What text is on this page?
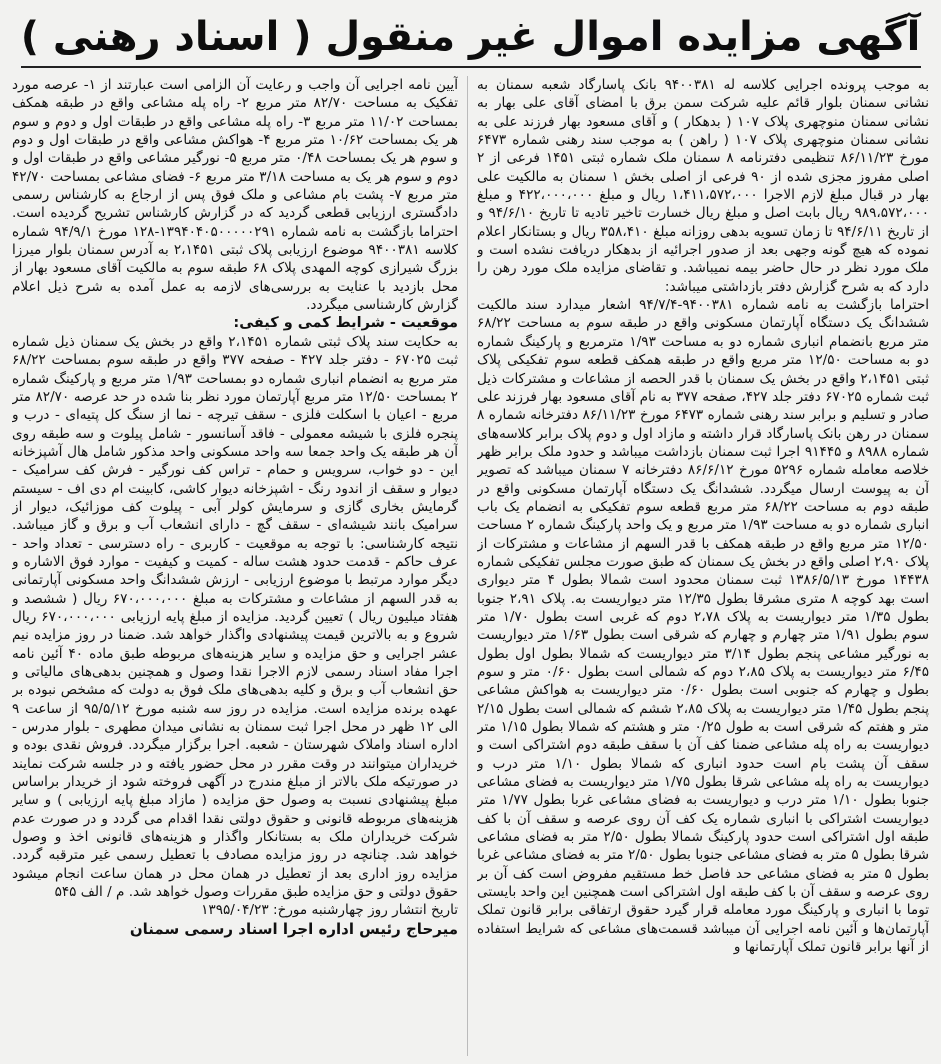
آگهی مزایده اموال غیر منقول ( اسناد رهنی )

به موجب پرونده اجرایی کلاسه له ۹۴۰۰۳۸۱ بانک پاسارگاد شعبه سمنان به نشانی سمنان بلوار قائم علیه شرکت سمن برق با امضای آقای علی بهار به نشانی سمنان منوچهری پلاک ۱۰۷ ( بدهکار ) و آقای مسعود بهار فرزند علی به نشانی سمنان منوچهری پلاک ۱۰۷ ( راهن ) به موجب سند رهنی شماره ۶۴۷۳ مورخ ۸۶/۱۱/۲۳ تنظیمی دفترنامه ۸ سمنان ملک شماره ثبتی ۱۴۵۱ فرعی از ۲ اصلی مفروز مجزی شده از ۹۰ فرعی از اصلی بخش ۱ سمنان به مالکیت علی بهار در قبال مبلغ لازم الاجرا ۱،۴۱۱،۵۷۲،۰۰۰ ریال و مبلغ ۴۲۲،۰۰۰،۰۰۰ و مبلغ ۹۸۹،۵۷۲،۰۰۰ ریال بابت اصل و مبلغ ریال خسارت تاخیر تادیه تا تاریخ ۹۴/۶/۱۰ و از تاریخ ۹۴/۶/۱۱ تا زمان تسویه بدهی روزانه مبلغ ۳۵۸،۴۱۰ ریال و بستانکار اعلام نموده که هیچ گونه وجهی بعد از صدور اجرائیه از بدهکار دریافت نشده است و ملک مورد نظر در حال حاضر بیمه نمیباشد. و تقاضای مزایده ملک مورد رهن را دارد که به شرح گزارش دفتر بازداشتی میباشد:

احتراما بازگشت به نامه شماره ۹۴۰۰۳۸۱-۹۴/۷/۴ اشعار میدارد سند مالکیت ششدانگ یک دستگاه آپارتمان مسکونی واقع در طبقه سوم به مساحت ۶۸/۲۲ متر مربع بانضمام انباری شماره دو به مساحت ۱/۹۳ مترمربع و پارکینگ شماره دو به مساحت ۱۲/۵۰ متر مربع واقع در طبقه همکف قطعه سوم تفکیکی پلاک ثبتی ۲،۱۴۵۱ واقع در بخش یک سمنان با قدر الحصه از مشاعات و مشترکات ذیل ثبت شماره ۶۷۰۲۵ دفتر جلد ۴۲۷، صفحه ۳۷۷ به نام آقای مسعود بهار فرزند علی صادر و تسلیم و برابر سند رهنی شماره ۶۴۷۳ مورخ ۸۶/۱۱/۲۳ دفترخانه شماره ۸ سمنان در رهن بانک پاسارگاد قرار داشته و مازاد اول و دوم پلاک برابر کلاسه‌های شماره ۸۹۸۸ و ۹۱۴۴۵ اجرا ثبت سمنان بازداشت میباشد و حدود ملک برابر ظهر خلاصه معامله شماره ۵۲۹۶ مورخ ۸۶/۶/۱۲ دفترخانه ۷ سمنان میباشد که تصویر آن به پیوست ارسال میگردد. ششدانگ یک دستگاه آپارتمان مسکونی واقع در طبقه دوم به مساحت ۶۸/۲۲ متر مربع قطعه سوم تفکیکی به انضمام یک باب انباری شماره دو به مساحت ۱/۹۳ متر مربع و یک واحد پارکینگ شماره ۲ مساحت ۱۲/۵۰ متر مربع واقع در طبقه همکف با قدر السهم از مشاعات و مشترکات از پلاک ۲،۹۰ اصلی واقع در بخش یک سمنان که طبق صورت مجلس تفکیکی شماره ۱۴۴۳۸ مورخ ۱۳۸۶/۵/۱۳ ثبت سمنان محدود است شمالا بطول ۴ متر دیواری است بهد کوچه ۸ متری مشرقا بطول ۱۲/۳۵ متر دیواریست به. پلاک ۲،۹۱ جنوبا بطول ۱/۳۵ متر دیواریست به پلاک ۲،۷۸ دوم که غربی است بطول ۱/۷۰ متر سوم بطول ۱/۹۱ متر چهارم و چهارم که شرقی است بطول ۱/۶۳ متر دیواریست به نورگیر مشاعی پنجم بطول ۳/۱۴ متر دیواریست که شمالا بطول اول بطول ۶/۴۵ متر دیواریست به پلاک ۲،۸۵ دوم که شمالی است بطول ۰/۶۰ متر و سوم بطول و چهارم که جنوبی است بطول ۰/۶۰ متر دیواریست به هواکش مشاعی پنجم بطول ۱/۴۵ متر دیواریست به پلاک ۲،۸۵ ششم که شمالی است بطول ۲/۱۵ متر و هفتم که شرقی است به طول ۰/۲۵ متر و هشتم که شمالا بطول ۱/۱۵ متر دیواریست به راه پله مشاعی ضمنا کف آن با سقف طبقه دوم اشتراکی است و سقف آن پشت بام است حدود انباری که شمالا بطول ۱/۱۰ متر درب و دیواریست به راه پله مشاعی شرقا بطول ۱/۷۵ متر دیواریست به فضای مشاعی جنوبا بطول ۱/۱۰ متر درب و دیواریست به فضای مشاعی غربا بطول ۱/۷۷ متر دیواریست اشتراکی با انباری شماره یک کف آن روی عرصه و سقف آن با کف طبقه اول اشتراکی است حدود پارکینگ شمالا بطول ۲/۵۰ متر به فضای مشاعی شرقا بطول ۵ متر به فضای مشاعی جنوبا بطول ۲/۵۰ متر به فضای مشاعی غربا بطول ۵ متر به فضای مشاعی حد فاصل خط مستقیم مفروض است کف آن بر روی عرصه و سقف آن با کف طبقه اول اشتراکی است همچنین این واحد بایستی توما با انباری و پارکینگ مورد معامله قرار گیرد حقوق ارتفاقی برابر قانون تملک آپارتمان‌ها و آئین نامه اجرایی آن میباشد قسمت‌های مشاعی که شرایط استفاده از آنها برابر قانون تملک آپارتمانها و

آیین نامه اجرایی آن واجب و رعایت آن الزامی است عبارتند از ۱- عرصه مورد تفکیک به مساحت ۸۲/۷۰ متر مربع ۲- راه پله مشاعی واقع در طبقه همکف بمساحت ۱۱/۰۲ متر مربع ۳- راه پله مشاعی واقع در طبقات اول و دوم و سوم هر یک بمساحت ۱۰/۶۲ متر مربع ۴- هواکش مشاعی واقع در طبقات اول و دوم و سوم هر یک بمساحت ۰/۴۸ متر مربع ۵- نورگیر مشاعی واقع در طبقات اول و دوم و سوم هر یک به مساحت ۳/۱۸ متر مربع ۶- فضای مشاعی بمساحت ۴۲/۷۰ متر مربع ۷- پشت بام مشاعی و ملک فوق پس از ارجاع به کارشناس رسمی دادگستری ارزیابی قطعی گردید که در گزارش کارشناس تشریح گردیده است. احتراما بازگشت به نامه شماره ۱۳۹۴۰۴۰۵۰۰۰۰۰۲۹۱-۱۲۸ مورخ ۹۴/۹/۱ شماره کلاسه ۹۴۰۰۳۸۱ موضوع ارزیابی پلاک ثبتی ۲،۱۴۵۱ به آدرس سمنان بلوار میرزا بزرگ شیرازی کوچه المهدی پلاک ۶۸ طبقه سوم به مالکیت آقای مسعود بهار از محل بازدید با عنایت به بررسی‌های لازمه به عمل آمده به شرح ذیل اعلام گزارش کارشناسی میگردد.

موقعیت - شرایط کمی و کیفی:

به حکایت سند پلاک ثبتی شماره ۲،۱۴۵۱ واقع در بخش یک سمنان ذیل شماره ثبت ۶۷۰۲۵ - دفتر جلد ۴۲۷ - صفحه ۳۷۷ واقع در طبقه سوم بمساحت ۶۸/۲۲ متر مربع به انضمام انباری شماره دو بمساحت ۱/۹۳ متر مربع و پارکینگ شماره ۲ بمساحت ۱۲/۵۰ متر مربع آپارتمان مورد نظر بنا شده در حد عرصه ۸۲/۷۰ متر مربع - اعیان با اسکلت فلزی - سقف تیرچه - نما از سنگ کل پتیه‌ای - درب و پنجره فلزی با شیشه معمولی - فاقد آسانسور - شامل پیلوت و سه طبقه روی آن هر طبقه یک واحد جمعا سه واحد مسکونی واحد مذکور شامل هال آشپزخانه این - دو خواب، سرویس و حمام - تراس کف نورگیر - فرش کف سرامیک - دیوار و سقف از اندود رنگ - اشپزخانه دیوار کاشی، کابینت ام دی اف - سیستم گرمایش بخاری گازی و سرمایش کولر آبی - پیلوت کف موزائیک، دیوار از سرامیک بانند شیشه‌ای - سقف گچ - دارای انشعاب آب و برق و گاز میباشد. نتیجه کارشناسی: با توجه به موقعیت - کاربری - راه دسترسی - تعداد واحد - عرف حاکم - قدمت حدود هشت ساله - کمیت و کیفیت - موارد فوق الاشاره و دیگر موارد مرتبط با موضوع ارزیابی - ارزش ششدانگ واحد مسکونی آپارتمانی به قدر السهم از مشاعات و مشترکات به مبلغ ۶۷۰،۰۰۰،۰۰۰ ریال ( ششصد و هفتاد میلیون ریال ) تعیین گردید. مزایده از مبلغ پایه ارزیابی ۶۷۰،۰۰۰،۰۰۰ ریال شروع و به بالاترین قیمت پیشنهادی واگذار خواهد شد. ضمنا در روز مزایده نیم عشر اجرایی و حق مزایده و سایر هزینه‌های مربوطه طبق ماده ۴۰ آئین نامه اجرا مفاد اسناد رسمی لازم الاجرا نقدا وصول و همچنین بدهی‌های مالیاتی و حق انشعاب آب و برق و کلیه بدهی‌های ملک فوق به دولت که مشخص نبوده بر عهده برنده مزایده است. مزایده در روز سه شنبه مورخ ۹۵/۵/۱۲ از ساعت ۹ الی ۱۲ ظهر در محل اجرا ثبت سمنان به نشانی میدان مطهری - بلوار مدرس - اداره اسناد واملاک شهرستان - شعبه. اجرا برگزار میگردد. فروش نقدی بوده و خریداران میتوانند در وقت مقرر در محل حضور یافته و در جلسه شرکت نمایند در صورتیکه ملک بالاتر از مبلغ مندرج در آگهی فروخته شود از خریدار براساس مبلغ پیشنهادی نسبت به وصول حق مزایده ( مازاد مبلغ پایه ارزیابی ) و سایر هزینه‌های مربوطه قانونی و حقوق دولتی نقدا اقدام می گردد و در صورت عدم شرکت خریداران ملک به بستانکار واگذار و هزینه‌های قانونی اخذ و وصول خواهد شد. چنانچه در روز مزایده مصادف با تعطیل رسمی غیر مترقبه گردد. مزایده روز اداری بعد از تعطیل در همان محل در همان ساعت انجام میشود حقوق دولتی و حق مزایده طبق مقررات وصول خواهد شد. م / الف ۵۴۵

تاریخ انتشار روز چهارشنبه مورخ: ۱۳۹۵/۰۴/۲۳

میرحاج رئیس اداره اجرا اسناد رسمی سمنان
